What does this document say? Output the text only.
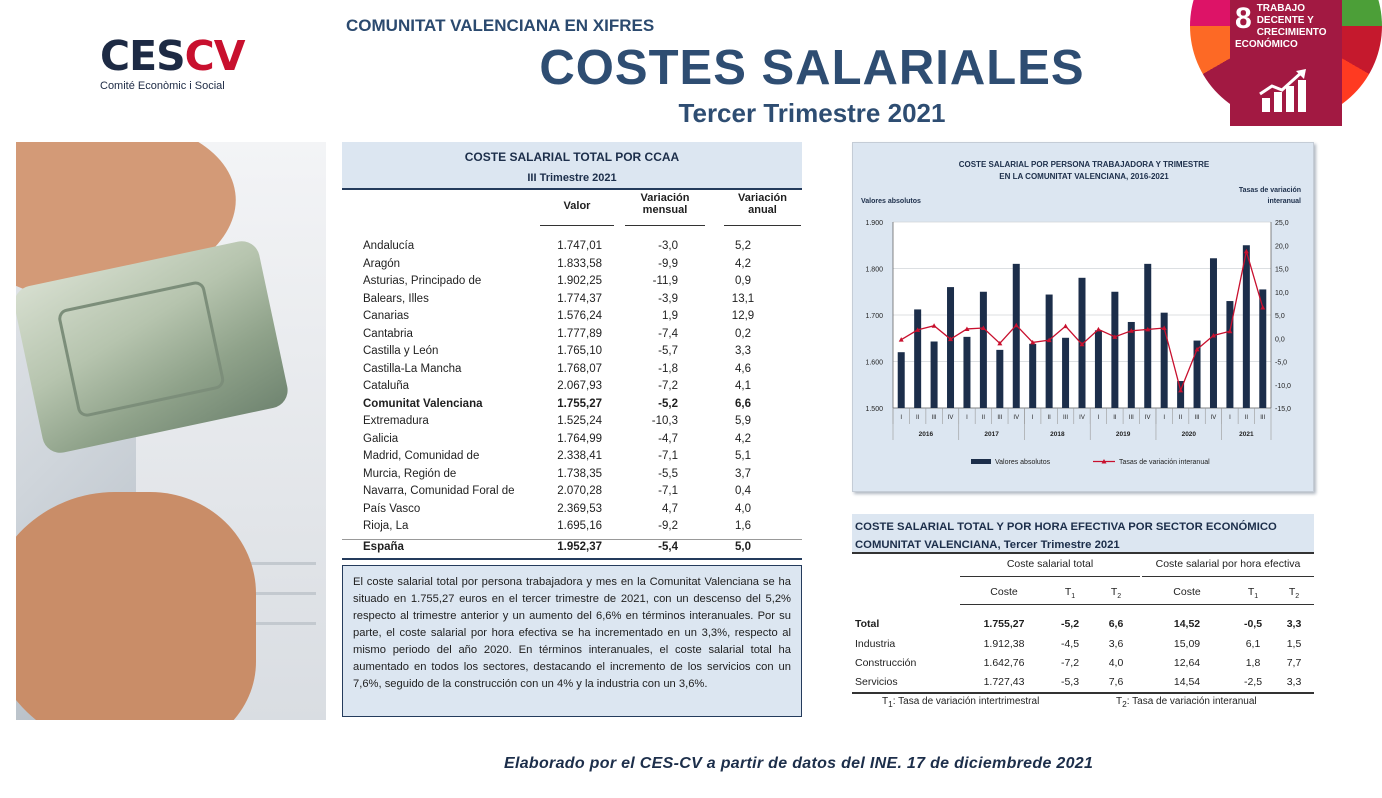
CESCV
Comité Econòmic i Social
COMUNITAT VALENCIANA EN XIFRES
COSTES SALARIALES
Tercer Trimestre 2021
8 TRABAJO DECENTE Y CRECIMIENTO ECONÓMICO
COSTE SALARIAL TOTAL POR CCAA
III Trimestre 2021
Valor
Variación mensual
Variación anual
Andalucía	1.747,01	-3,0	5,2
Aragón	1.833,58	-9,9	4,2
Asturias, Principado de	1.902,25	-11,9	0,9
Balears, Illes	1.774,37	-3,9	13,1
Canarias	1.576,24	1,9	12,9
Cantabria	1.777,89	-7,4	0,2
Castilla y León	1.765,10	-5,7	3,3
Castilla-La Mancha	1.768,07	-1,8	4,6
Cataluña	2.067,93	-7,2	4,1
Comunitat Valenciana	1.755,27	-5,2	6,6
Extremadura	1.525,24	-10,3	5,9
Galicia	1.764,99	-4,7	4,2
Madrid, Comunidad de	2.338,41	-7,1	5,1
Murcia, Región de	1.738,35	-5,5	3,7
Navarra, Comunidad Foral de	2.070,28	-7,1	0,4
País Vasco	2.369,53	4,7	4,0
Rioja, La	1.695,16	-9,2	1,6
España	1.952,37	-5,4	5,0
El coste salarial total por persona trabajadora y mes en la Comunitat Valenciana se ha situado en 1.755,27 euros en el tercer trimestre de 2021, con un descenso del 5,2% respecto al trimestre anterior y un aumento del 6,6% en términos interanuales. Por su parte, el coste salarial por hora efectiva se ha incrementado en un 3,3%, respecto al mismo periodo del año 2020. En términos interanuales, el coste salarial total ha aumentado en todos los sectores, destacando el incremento de los servicios con un 7,6%, seguido de la construcción con un 4% y la industria con un 3,6%.
COSTE SALARIAL POR PERSONA TRABAJADORA Y TRIMESTRE
EN LA COMUNITAT VALENCIANA, 2016-2021
Valores absolutos
Tasas de variación
interanual
1.500
1.600
1.700
1.800
1.900
-15,0
-10,0
-5,0
0,0
5,0
10,0
15,0
20,0
25,0
I II III IV I II III IV I II III IV I II III IV I II III IV I II III
2016	2017	2018	2019	2020	2021
Valores absolutos	Tasas de variación interanual
COSTE SALARIAL TOTAL Y POR HORA EFECTIVA POR SECTOR ECONÓMICO
COMUNITAT VALENCIANA, Tercer Trimestre 2021
Coste salarial total	Coste salarial por hora efectiva
Coste	$T_1$	$T_2$	Coste	$T_1$	$T_2$
Total	1.755,27	-5,2	6,6	14,52	-0,5	3,3
Industria	1.912,38	-4,5	3,6	15,09	6,1	1,5
Construcción	1.642,76	-7,2	4,0	12,64	1,8	7,7
Servicios	1.727,43	-5,3	7,6	14,54	-2,5	3,3
$T_1$: Tasa de variación intertrimestral	$T_2$: Tasa de variación interanual
Elaborado por el CES-CV a partir de datos del INE. 17 de diciembrede 2021
